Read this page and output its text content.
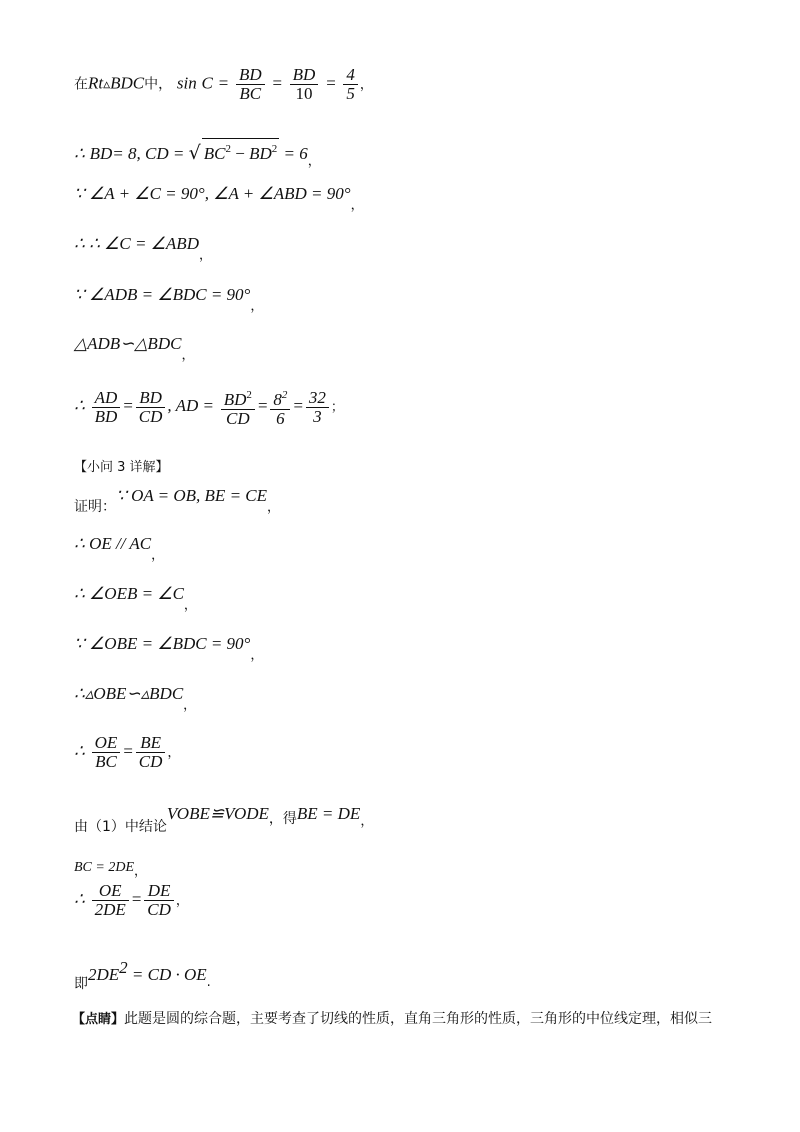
在Rt▵BDC中， $\sin C = \frac{BD}{BC} = \frac{BD}{10} = \frac{4}{5}$ ，
∴ BD= 8, CD = √ $BC^2 - BD^2 = 6$，
∵ ∠A + ∠C = 90°, ∠A + ∠ABD = 90°，
∴ ∴ ∠C = ∠ABD，
∵ ∠ADB = ∠BDC = 90°，
△ADB∽△BDC，
∴ $\frac{AD}{BD} = \frac{BD}{CD}$ , AD = $\frac{BD^2}{CD} = \frac{8^2}{6} = \frac{32}{3}$ ；
【小问 3 详解】
证明：∵ OA = OB, BE = CE，
∴ OE // AC，
∴ ∠OEB = ∠C，
∵ ∠OBE = ∠BDC = 90°，
∴▵OBE∽▵BDC，
∴ $\frac{OE}{BC} = \frac{BE}{CD}$ ，
由（1）中结论VOBE≌VODE，得BE = DE，
BC = 2DE，
∴ $\frac{OE}{2DE} = \frac{DE}{CD}$ ，
即$2DE^2$ = CD · OE.
【点睛】此题是圆的综合题，主要考查了切线的性质，直角三角形的性质，三角形的中位线定理，相似三
